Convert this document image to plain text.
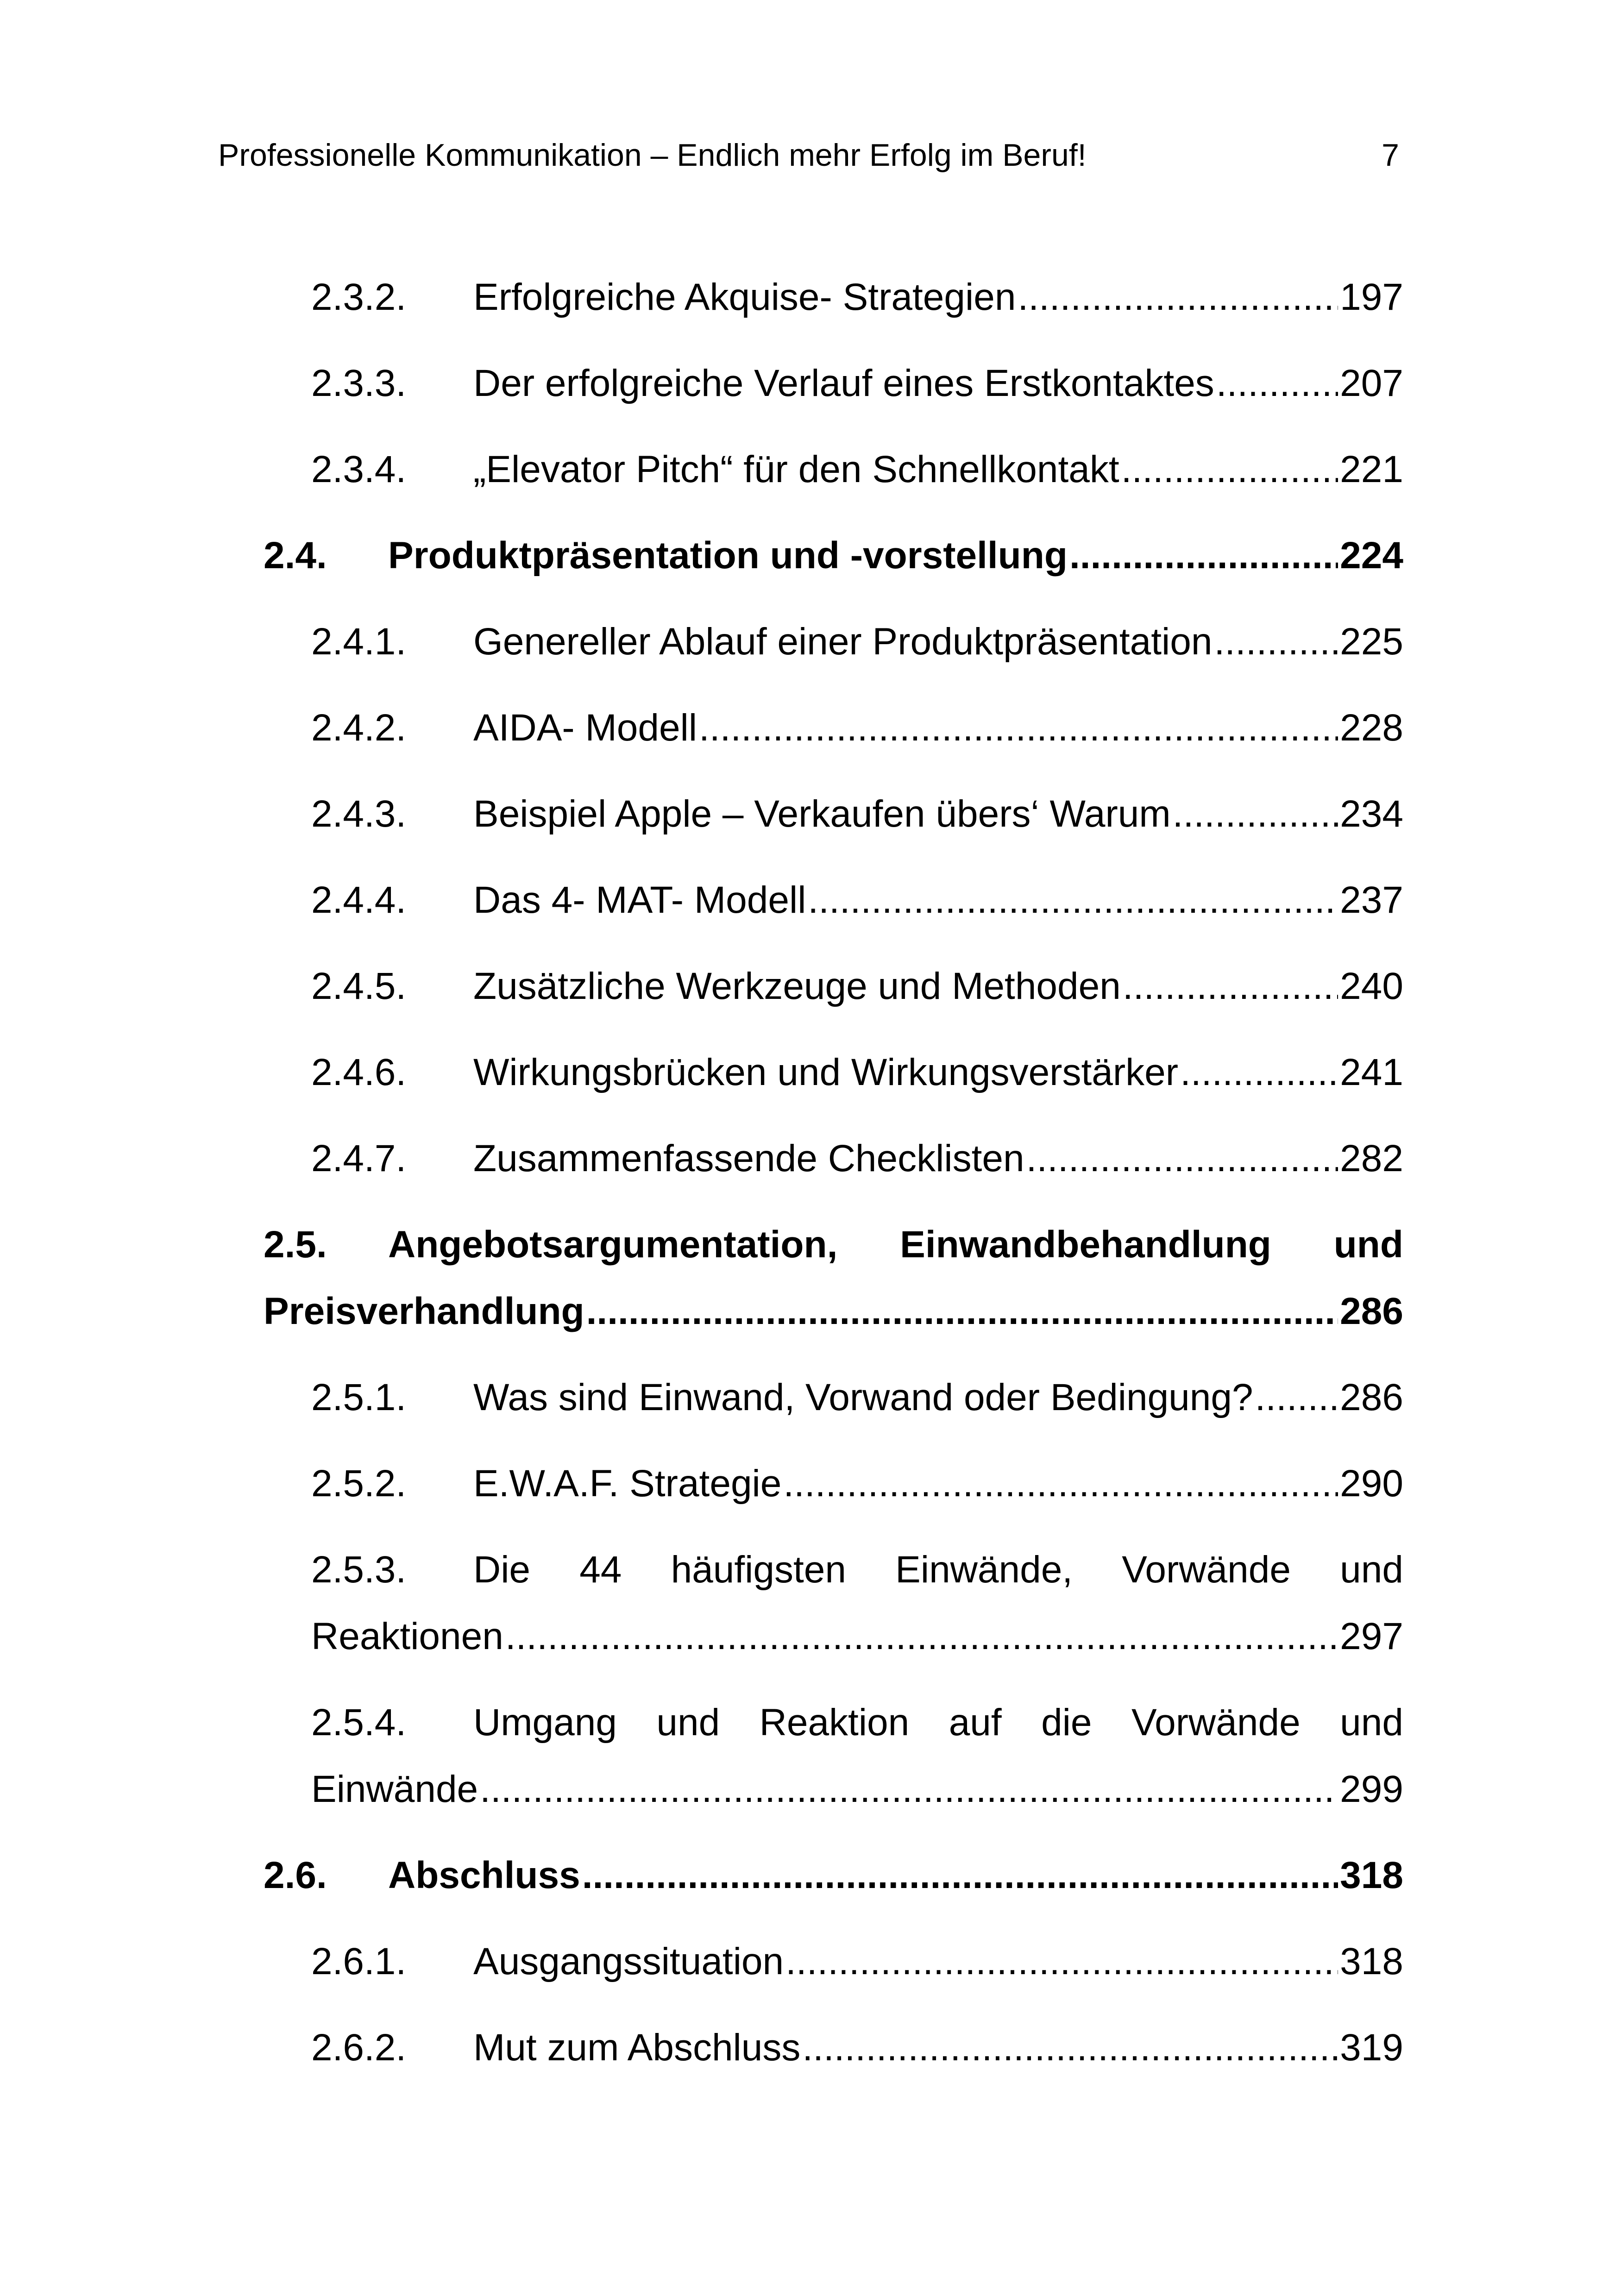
Professionelle Kommunikation – Endlich mehr Erfolg im Beruf!	7
2.3.2. Erfolgreiche Akquise- Strategien .....	197
2.3.3. Der erfolgreiche Verlauf eines Erstkontaktes .....	207
2.3.4. „Elevator Pitch“ für den Schnellkontakt .....	221
2.4. Produktpräsentation und -vorstellung .....	224
2.4.1. Genereller Ablauf einer Produktpräsentation .....	225
2.4.2. AIDA- Modell .....	228
2.4.3. Beispiel Apple – Verkaufen übers‘ Warum .....	234
2.4.4. Das 4- MAT- Modell .....	237
2.4.5. Zusätzliche Werkzeuge und Methoden .....	240
2.4.6. Wirkungsbrücken und Wirkungsverstärker .....	241
2.4.7. Zusammenfassende Checklisten .....	282
2.5. Angebotsargumentation, Einwandbehandlung und
Preisverhandlung .....	286
2.5.1. Was sind Einwand, Vorwand oder Bedingung? ..... 286
2.5.2. E.W.A.F. Strategie .....	290
2.5.3. Die 44 häufigsten Einwände, Vorwände und
Reaktionen .....	297
2.5.4. Umgang und Reaktion auf die Vorwände und
Einwände .....	299
2.6. Abschluss .....	318
2.6.1. Ausgangssituation .....	318
2.6.2. Mut zum Abschluss .....	319
